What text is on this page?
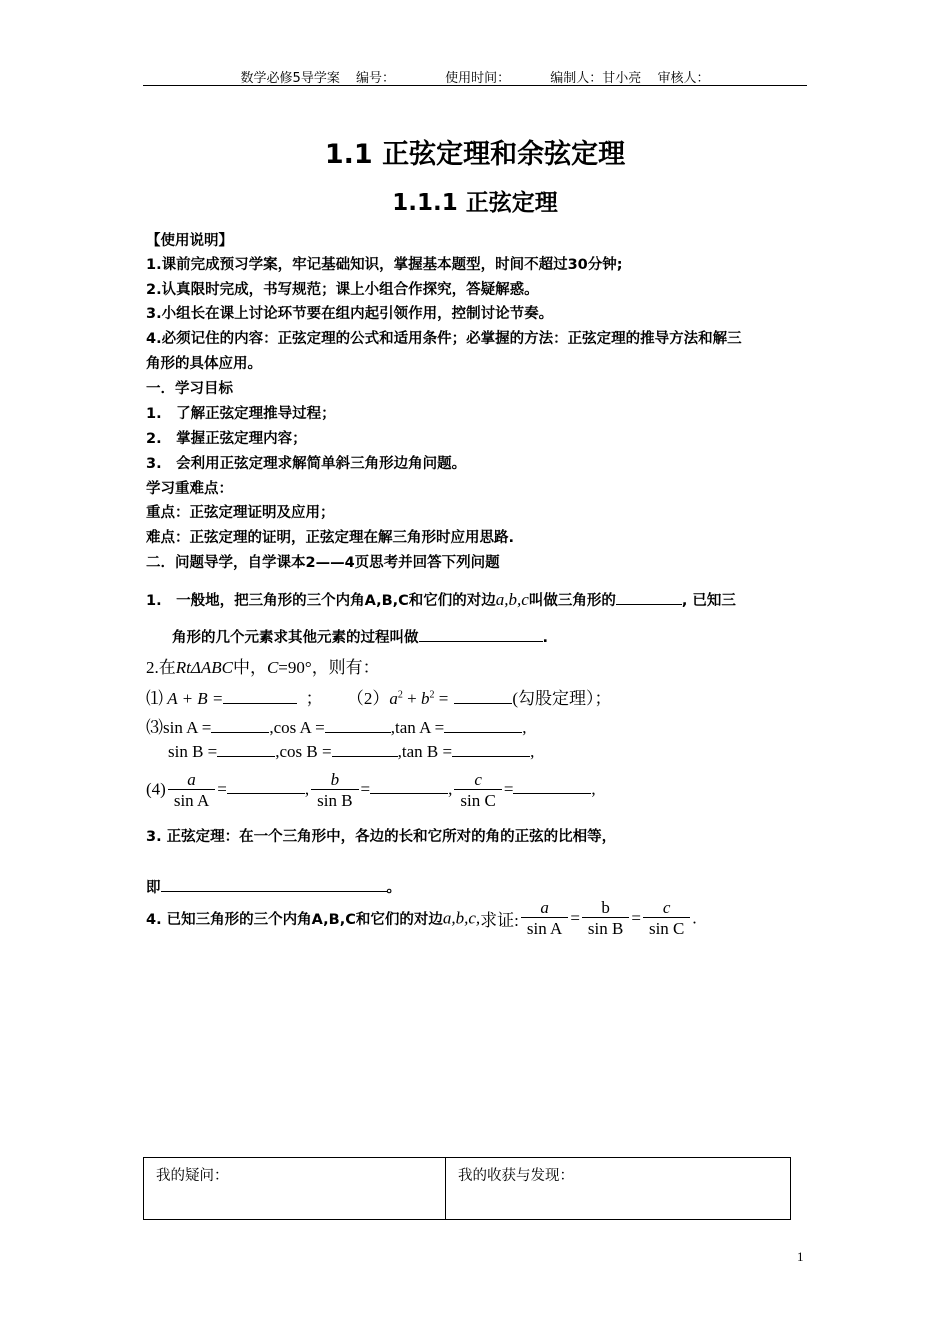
数学必修5导学案 编号：	使用时间：	编制人：甘小亮 审核人：
1.1 正弦定理和余弦定理
1.1.1 正弦定理
【使用说明】
1.课前完成预习学案，牢记基础知识，掌握基本题型，时间不超过30分钟;
2.认真限时完成，书写规范；课上小组合作探究，答疑解惑。
3.小组长在课上讨论环节要在组内起引领作用，控制讨论节奏。
4.必须记住的内容：正弦定理的公式和适用条件；必掌握的方法：正弦定理的推导方法和解三
角形的具体应用。
一．学习目标
1.　了解正弦定理推导过程；
2.　掌握正弦定理内容；
3.　会利用正弦定理求解简单斜三角形边角问题。
学习重难点：
重点：正弦定理证明及应用；
难点：正弦定理的证明，正弦定理在解三角形时应用思路.
二．问题导学，自学课本2——4页思考并回答下列问题
1.　一般地，把三角形的三个内角A,B,C和它们的对边a,b,c叫做三角形的	, 已知三
角形的几个元素求其他元素的过程叫做	.
2.在RtΔABC中，C=90°，则有：
⑴ A + B =	； $(2)a^2 + b^2$ =	(勾股定理）；
⑶sin A =	,cos A =	,tan A =	,
sin B =	,cos B =	,tan B =	,
$(4) \frac{a}{\text{sin A}}$ =	, $\frac{b}{\text{sin B}}$ =	, $\frac{c}{\text{sin C}}$ =	,
3. 正弦定理：在一个三角形中，各边的长和它所对的角的正弦的比相等，
即	。
4. 已知三角形的三个内角A,B,C和它们的对边a,b,c,求证: $\frac{a}{\text{sin A}} = \frac{b}{\text{sin B}} = \frac{c}{\text{sin C}}$ .
我的疑问：	我的收获与发现：
1
